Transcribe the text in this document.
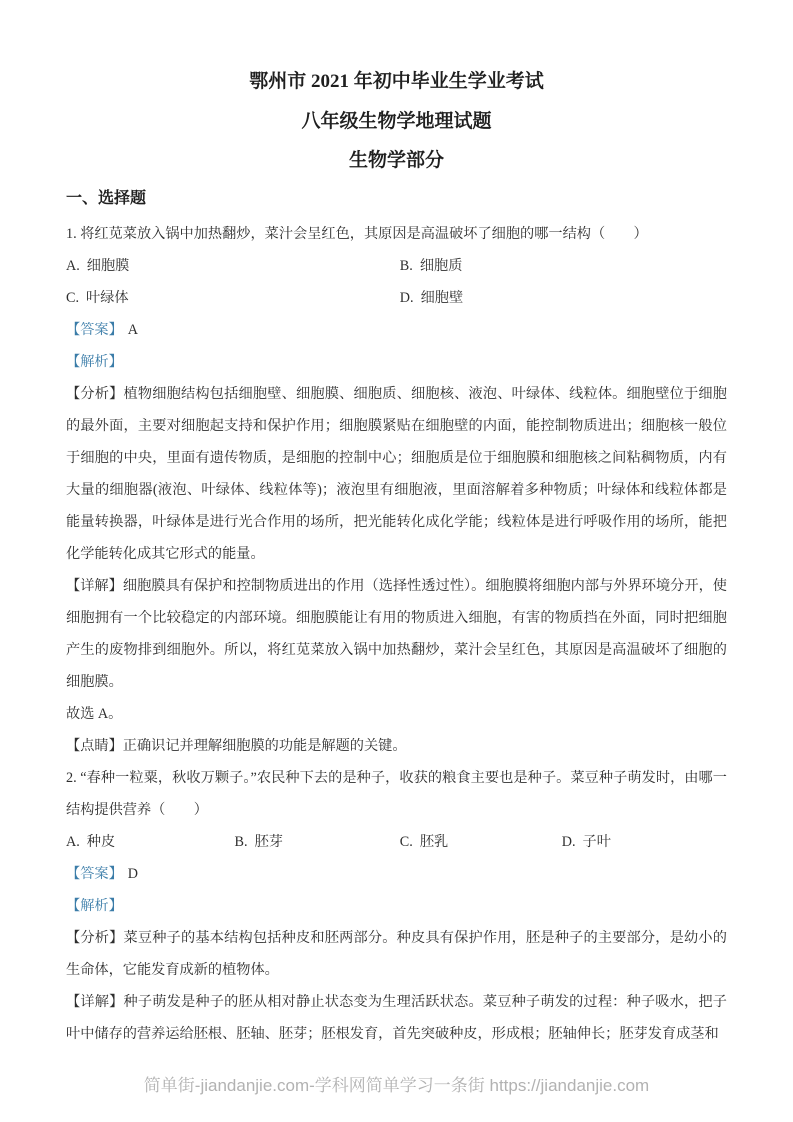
鄂州市 2021 年初中毕业生学业考试
八年级生物学地理试题
生物学部分
一、选择题

1. 将红苋菜放入锅中加热翻炒，菜汁会呈红色，其原因是高温破坏了细胞的哪一结构（　　）

A. 细胞膜	B. 细胞质
C. 叶绿体	D. 细胞壁

【答案】 A

【解析】

【分析】植物细胞结构包括细胞壁、细胞膜、细胞质、细胞核、液泡、叶绿体、线粒体。细胞壁位于细胞的最外面，主要对细胞起支持和保护作用；细胞膜紧贴在细胞壁的内面，能控制物质进出；细胞核一般位于细胞的中央，里面有遗传物质，是细胞的控制中心；细胞质是位于细胞膜和细胞核之间粘稠物质，内有大量的细胞器(液泡、叶绿体、线粒体等)；液泡里有细胞液，里面溶解着多种物质；叶绿体和线粒体都是能量转换器，叶绿体是进行光合作用的场所，把光能转化成化学能；线粒体是进行呼吸作用的场所，能把化学能转化成其它形式的能量。

【详解】细胞膜具有保护和控制物质进出的作用（选择性透过性）。细胞膜将细胞内部与外界环境分开，使细胞拥有一个比较稳定的内部环境。细胞膜能让有用的物质进入细胞，有害的物质挡在外面，同时把细胞产生的废物排到细胞外。所以，将红苋菜放入锅中加热翻炒，菜汁会呈红色，其原因是高温破坏了细胞的细胞膜。

故选 A。

【点睛】正确识记并理解细胞膜的功能是解题的关键。

2. “春种一粒粟，秋收万颗子。”农民种下去的是种子，收获的粮食主要也是种子。菜豆种子萌发时，由哪一结构提供营养（　　）

A. 种皮	B. 胚芽	C. 胚乳	D. 子叶

【答案】 D

【解析】

【分析】菜豆种子的基本结构包括种皮和胚两部分。种皮具有保护作用，胚是种子的主要部分，是幼小的生命体，它能发育成新的植物体。

【详解】种子萌发是种子的胚从相对静止状态变为生理活跃状态。菜豆种子萌发的过程：种子吸水，把子叶中储存的营养运给胚根、胚轴、胚芽；胚根发育，首先突破种皮，形成根；胚轴伸长；胚芽发育成茎和

简单街-jiandanjie.com-学科网简单学习一条街 https://jiandanjie.com
